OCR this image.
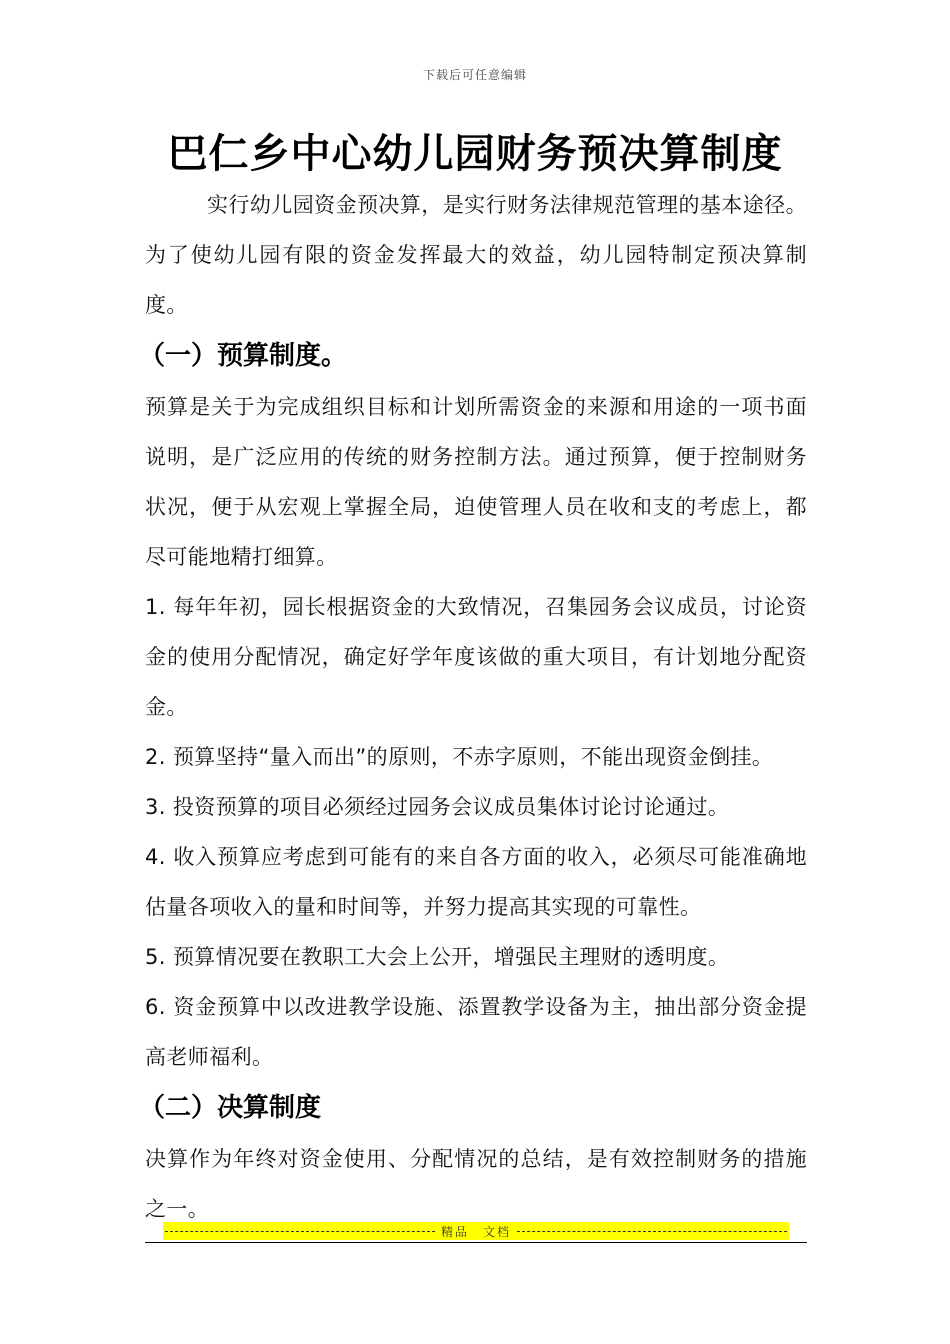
下载后可任意编辑
巴仁乡中心幼儿园财务预决算制度

实行幼儿园资金预决算，是实行财务法律规范管理的基本途径。为了使幼儿园有限的资金发挥最大的效益，幼儿园特制定预决算制度。

（一）预算制度。

预算是关于为完成组织目标和计划所需资金的来源和用途的一项书面说明，是广泛应用的传统的财务控制方法。通过预算，便于控制财务状况，便于从宏观上掌握全局，迫使管理人员在收和支的考虑上，都尽可能地精打细算。

1. 每年年初，园长根据资金的大致情况，召集园务会议成员，讨论资金的使用分配情况，确定好学年度该做的重大项目，有计划地分配资金。

2. 预算坚持“量入而出”的原则，不赤字原则，不能出现资金倒挂。

3. 投资预算的项目必须经过园务会议成员集体讨论讨论通过。

4. 收入预算应考虑到可能有的来自各方面的收入，必须尽可能准确地估量各项收入的量和时间等，并努力提高其实现的可靠性。

5. 预算情况要在教职工大会上公开，增强民主理财的透明度。

6. 资金预算中以改进教学设施、添置教学设备为主，抽出部分资金提高老师福利。

（二）决算制度

决算作为年终对资金使用、分配情况的总结，是有效控制财务的措施之一。

精品　文档
